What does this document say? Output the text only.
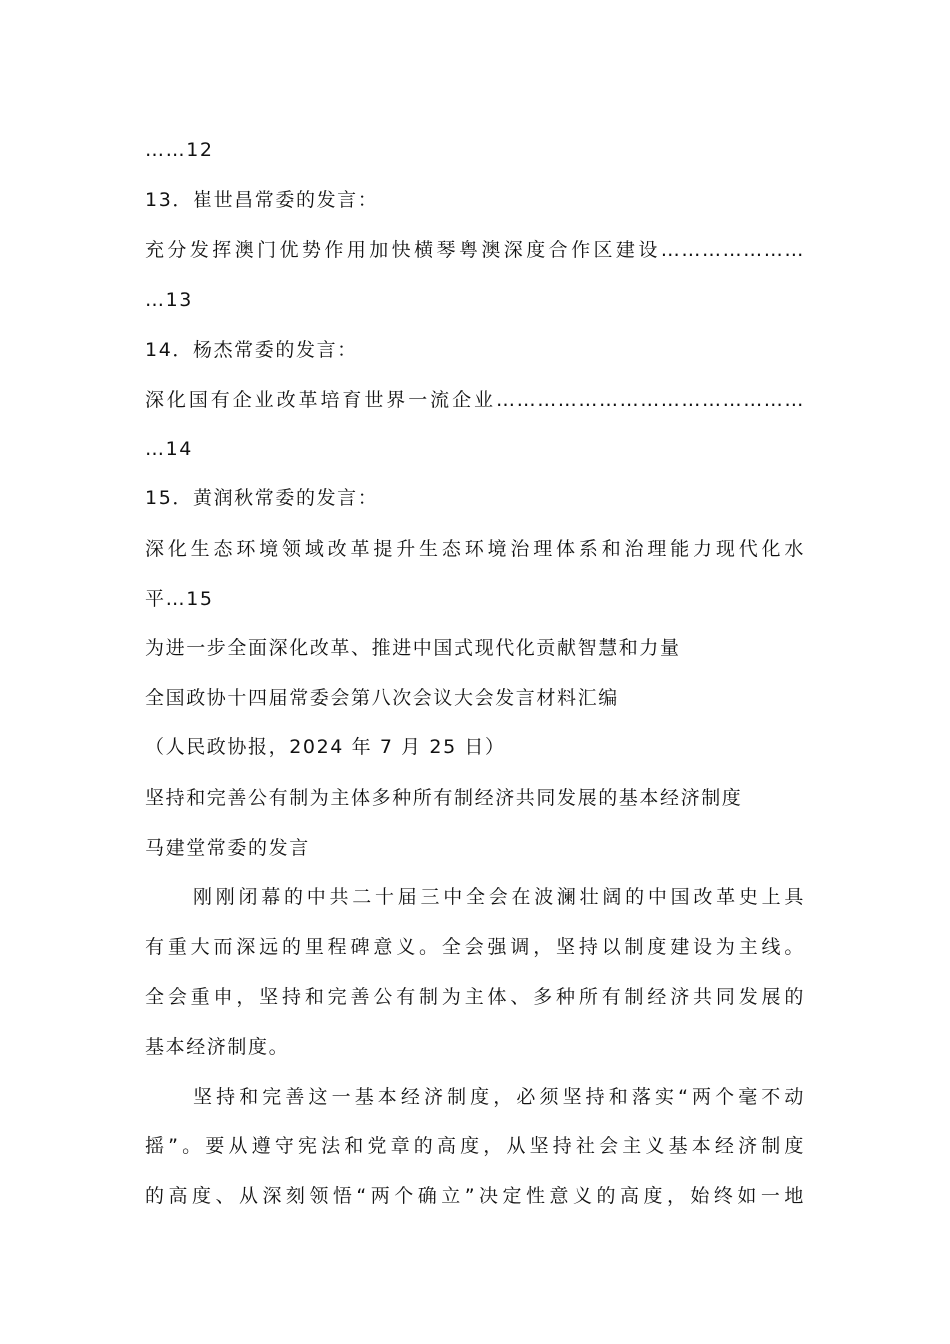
……12
13．崔世昌常委的发言：
充分发挥澳门优势作用加快横琴粤澳深度合作区建设…………………
…13
14．杨杰常委的发言：
深化国有企业改革培育世界一流企业………………………………………
…14
15．黄润秋常委的发言：
深化生态环境领域改革提升生态环境治理体系和治理能力现代化水
平…15
为进一步全面深化改革、推进中国式现代化贡献智慧和力量
全国政协十四届常委会第八次会议大会发言材料汇编
（人民政协报，2024 年 7 月 25 日）
坚持和完善公有制为主体多种所有制经济共同发展的基本经济制度
马建堂常委的发言
刚刚闭幕的中共二十届三中全会在波澜壮阔的中国改革史上具
有重大而深远的里程碑意义。全会强调，坚持以制度建设为主线。
全会重申，坚持和完善公有制为主体、多种所有制经济共同发展的
基本经济制度。
坚持和完善这一基本经济制度，必须坚持和落实“两个毫不动
摇”。要从遵守宪法和党章的高度，从坚持社会主义基本经济制度
的高度、从深刻领悟“两个确立”决定性意义的高度，始终如一地
